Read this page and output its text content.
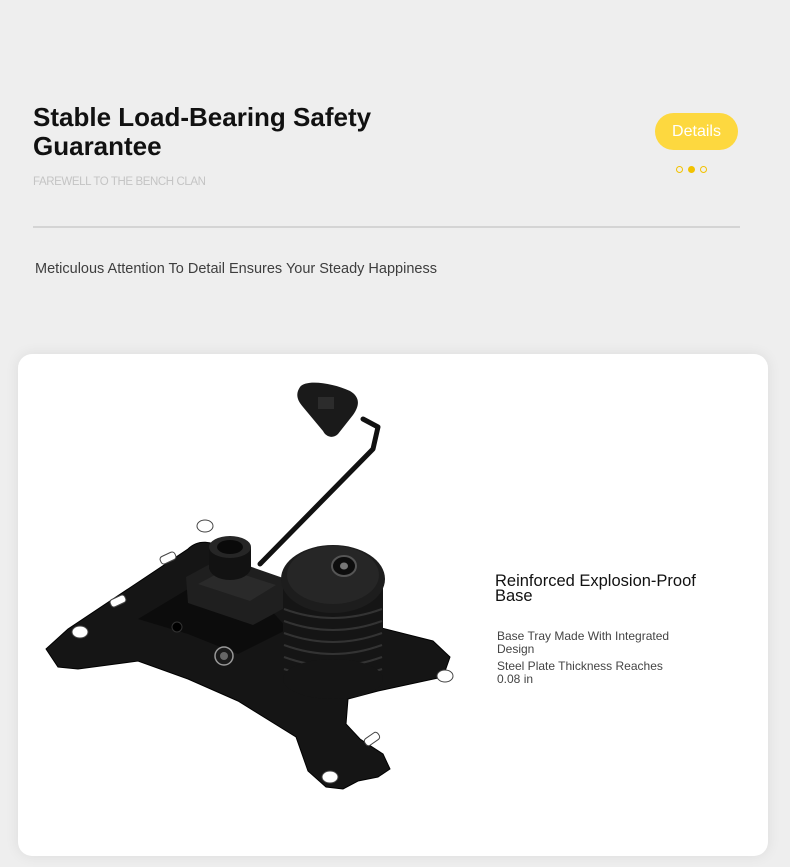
Stable Load-Bearing Safety Guarantee
FAREWELL TO THE BENCH CLAN
Details
Meticulous Attention To Detail Ensures Your Steady Happiness
Reinforced Explosion-Proof Base
Base Tray Made With Integrated Design
Steel Plate Thickness Reaches 0.08 in
